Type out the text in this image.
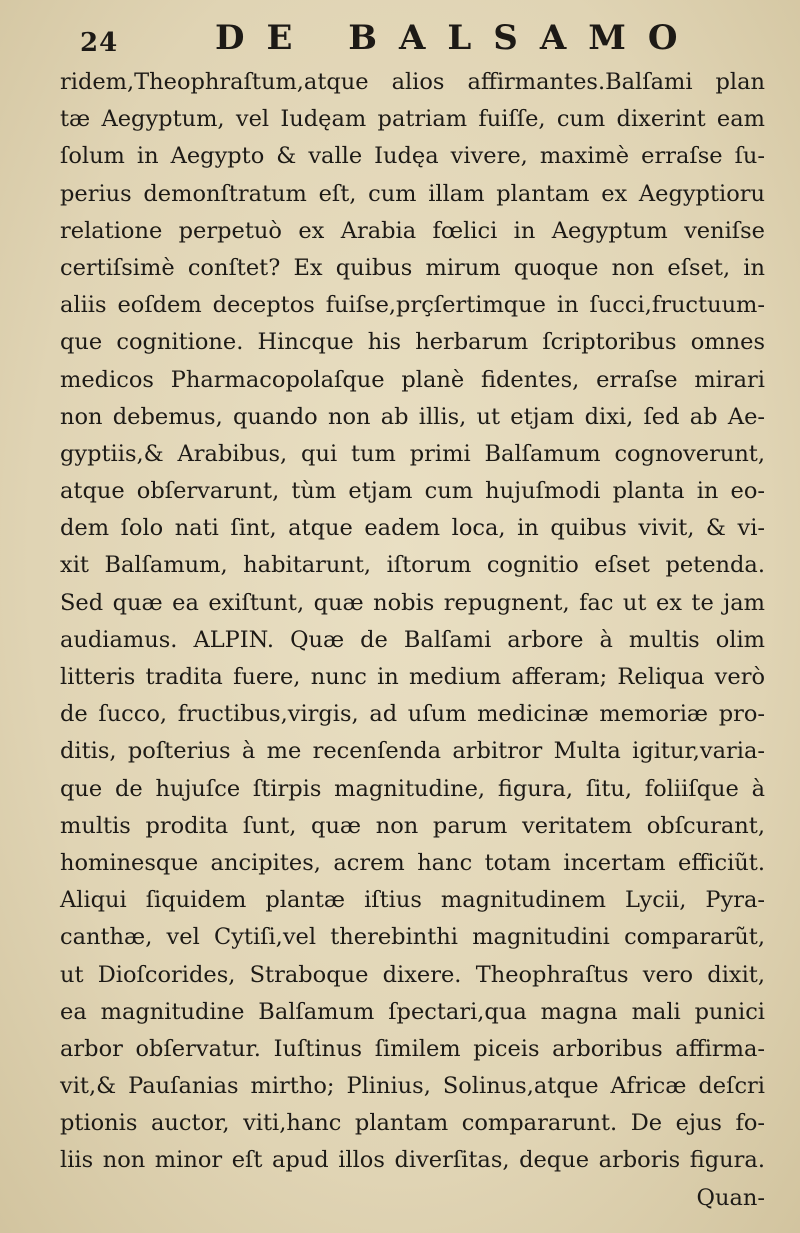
24	DE BALSAMO
ridem,Theophraſtum,atque alios affirmantes.Balſami plan
tæ Aegyptum, vel Iudęam patriam fuiſſe, cum dixerint eam
ſolum in Aegypto & valle Iudęa vivere, maximè erraſse ſu-
perius demonſtratum eſt, cum illam plantam ex Aegyptioru
relatione perpetuò ex Arabia fœlici in Aegyptum veniſse
certiſsimè conſtet? Ex quibus mirum quoque non eſset, in
aliis eoſdem deceptos fuiſse,prçſertimque in ſucci,fructuum-
que cognitione. Hincque his herbarum ſcriptoribus omnes
medicos Pharmacopolaſque planè fidentes, erraſse mirari
non debemus, quando non ab illis, ut etjam dixi, ſed ab Ae-
gyptiis,& Arabibus, qui tum primi Balſamum cognoverunt,
atque obſervarunt, tùm etjam cum hujuſmodi planta in eo-
dem ſolo nati ſint, atque eadem loca, in quibus vivit, & vi-
xit Balſamum, habitarunt, iſtorum cognitio eſset petenda.
Sed quæ ea exiſtunt, quæ nobis repugnent, fac ut ex te jam
audiamus. ALPIN. Quæ de Balſami arbore à multis olim
litteris tradita fuere, nunc in medium afferam; Reliqua verò
de ſucco, fructibus,virgis, ad uſum medicinæ memoriæ pro-
ditis, poſterius à me recenſenda arbitror Multa igitur,varia-
que de hujuſce ſtirpis magnitudine, figura, ſitu, foliiſque à
multis prodita ſunt, quæ non parum veritatem obſcurant,
hominesque ancipites, acrem hanc totam incertam efficiũt.
Aliqui ſiquidem plantæ iſtius magnitudinem Lycii, Pyra-
canthæ, vel Cytiſi,vel therebinthi magnitudini compararũt,
ut Dioſcorides, Straboque dixere. Theophraſtus vero dixit,
ea magnitudine Balſamum ſpectari,qua magna mali punici
arbor obſervatur. Iuſtinus ſimilem piceis arboribus affirma-
vit,& Pauſanias mirtho; Plinius, Solinus,atque Africæ deſcri
ptionis auctor, viti,hanc plantam compararunt. De ejus fo-
liis non minor eſt apud illos diverſitas, deque arboris figura.
Quan-
